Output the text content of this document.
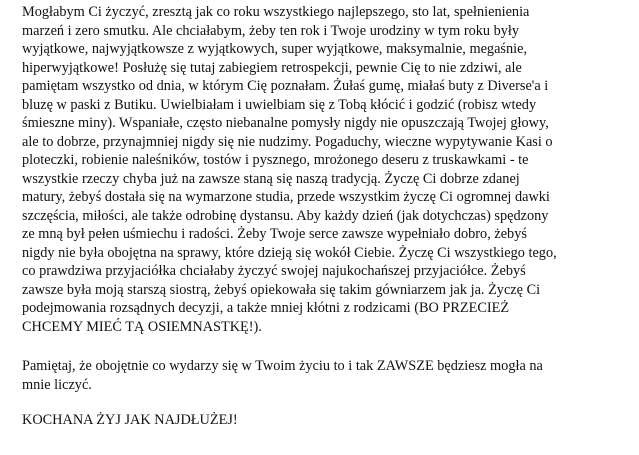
Mogłabym Ci życzyć, zresztą jak co roku wszystkiego najlepszego, sto lat, spełnienienia
marzeń i zero smutku. Ale chciałabym, żeby ten rok i Twoje urodziny w tym roku były
wyjątkowe, najwyjątkowsze z wyjątkowych, super wyjątkowe, maksymalnie, megaśnie,
hiperwyjątkowe! Posłużę się tutaj zabiegiem retrospekcji, pewnie Cię to nie zdziwi, ale
pamiętam wszystko od dnia, w którym Cię poznałam. Żułaś gumę, miałaś buty z Diverse'a i
bluzę w paski z Butiku. Uwielbiałam i uwielbiam się z Tobą kłócić i godzić (robisz wtedy
śmieszne miny). Wspaniałe, często niebanalne pomysły nigdy nie opuszczają Twojej głowy,
ale to dobrze, przynajmniej nigdy się nie nudzimy. Pogaduchy, wieczne wypytywanie Kasi o
ploteczki, robienie naleśników, tostów i pysznego, mrożonego deseru z truskawkami - te
wszystkie rzeczy chyba już na zawsze staną się naszą tradycją. Życzę Ci dobrze zdanej
matury, żebyś dostała się na wymarzone studia, przede wszystkim życzę Ci ogromnej dawki
szczęścia, miłości, ale także odrobinę dystansu. Aby każdy dzień (jak dotychczas) spędzony
ze mną był pełen uśmiechu i radości. Żeby Twoje serce zawsze wypełniało dobro, żebyś
nigdy nie była obojętna na sprawy, które dzieją się wokół Ciebie. Życzę Ci wszystkiego tego,
co prawdziwa przyjaciółka chciałaby życzyć swojej najukochańszej przyjaciółce. Żebyś
zawsze była moją starszą siostrą, żebyś opiekowała się takim gówniarzem jak ja. Życzę Ci
podejmowania rozsądnych decyzji, a także mniej kłótni z rodzicami (BO PRZECIEŻ
CHCEMY MIEĆ TĄ OSIEMNASTKĘ!).

Pamiętaj, że obojętnie co wydarzy się w Twoim życiu to i tak ZAWSZE będziesz mogła na
mnie liczyć.

KOCHANA ŻYJ JAK NAJDŁUŻEJ!
